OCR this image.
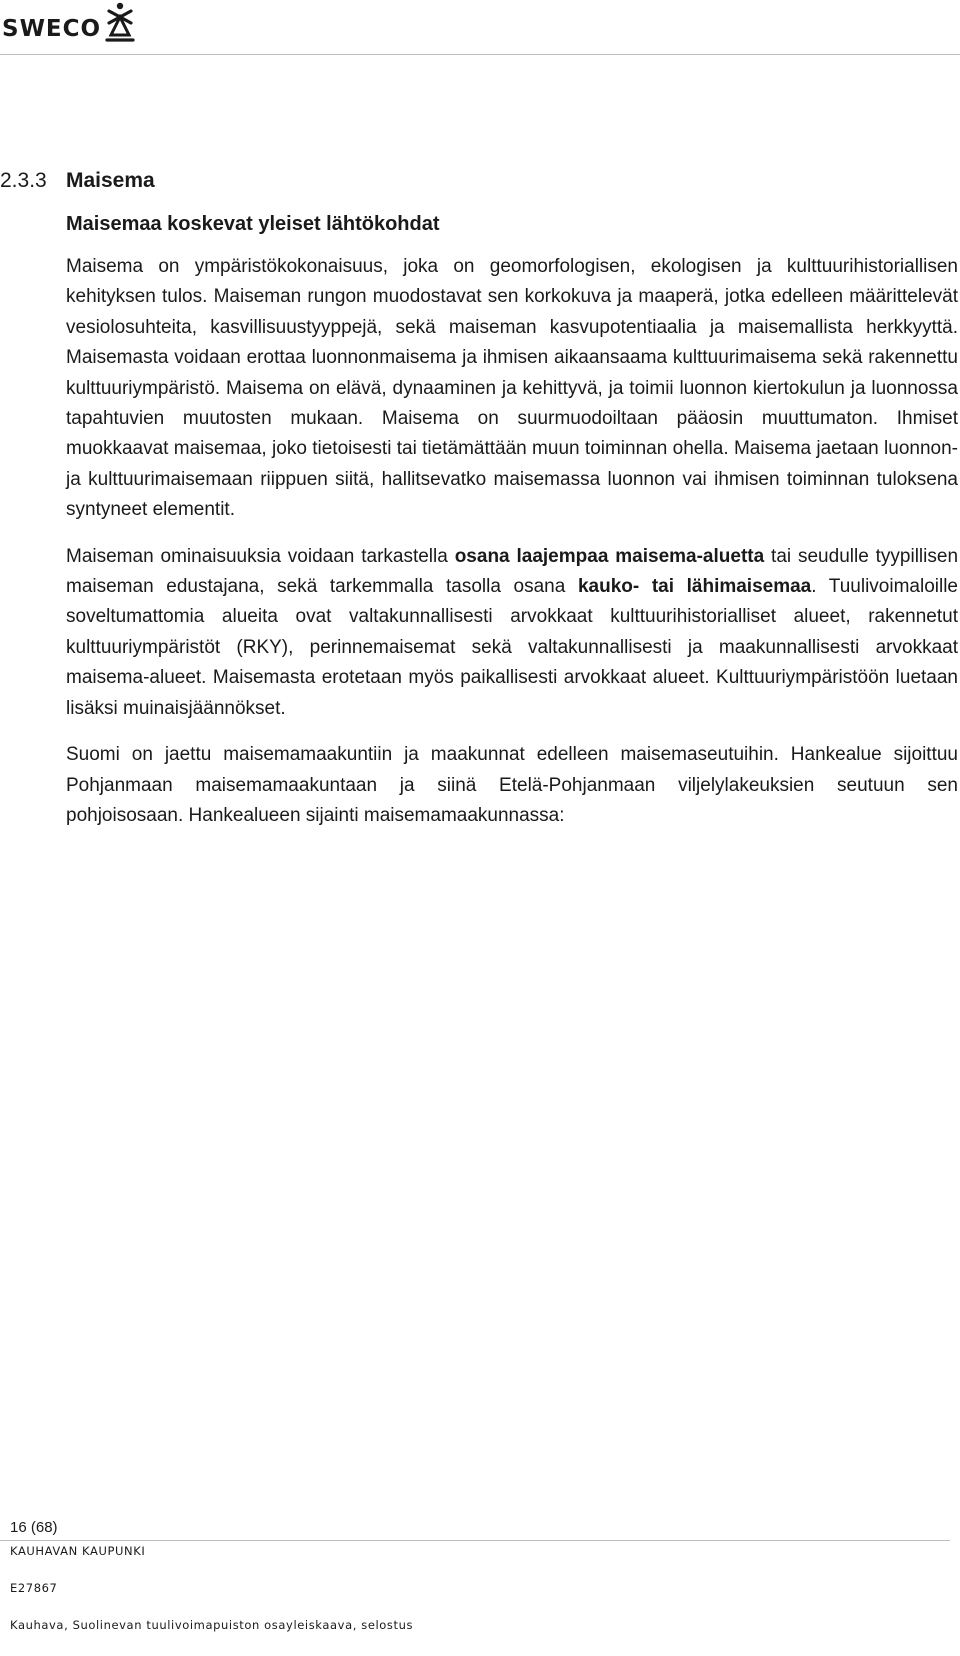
SWECO
2.3.3 Maisema
Maisemaa koskevat yleiset lähtökohdat

Maisema on ympäristökokonaisuus, joka on geomorfologisen, ekologisen ja kulttuurihistoriallisen kehityksen tulos. Maiseman rungon muodostavat sen korkokuva ja maaperä, jotka edelleen määrittelevät vesiolosuhteita, kasvillisuustyyppejä, sekä maiseman kasvupotentiaalia ja maisemallista herkkyyttä. Maisemasta voidaan erottaa luonnonmaisema ja ihmisen aikaansaama kulttuurimaisema sekä rakennettu kulttuuriympäristö. Maisema on elävä, dynaaminen ja kehittyvä, ja toimii luonnon kiertokulun ja luonnossa tapahtuvien muutosten mukaan. Maisema on suurmuodoiltaan pääosin muuttumaton. Ihmiset muokkaavat maisemaa, joko tietoisesti tai tietämättään muun toiminnan ohella. Maisema jaetaan luonnon- ja kulttuurimaisemaan riippuen siitä, hallitsevatko maisemassa luonnon vai ihmisen toiminnan tuloksena syntyneet elementit.

Maiseman ominaisuuksia voidaan tarkastella osana laajempaa maisema-aluetta tai seudulle tyypillisen maiseman edustajana, sekä tarkemmalla tasolla osana kauko- tai lähimaisemaa. Tuulivoimaloille soveltumattomia alueita ovat valtakunnallisesti arvokkaat kulttuurihistorialliset alueet, rakennetut kulttuuriympäristöt (RKY), perinnemaisemat sekä valtakunnallisesti ja maakunnallisesti arvokkaat maisema-alueet. Maisemasta erotetaan myös paikallisesti arvokkaat alueet. Kulttuuriympäristöön luetaan lisäksi muinaisjäännökset.

Suomi on jaettu maisemamaakuntiin ja maakunnat edelleen maisemaseutuihin. Hankealue sijoittuu Pohjanmaan maisemamaakuntaan ja siinä Etelä-Pohjanmaan viljelylakeuksien seutuun sen pohjoisosaan. Hankealueen sijainti maisemamaakunnassa:

16 (68)
KAUHAVAN KAUPUNKI
E27867
Kauhava, Suolinevan tuulivoimapuiston osayleiskaava, selostus
